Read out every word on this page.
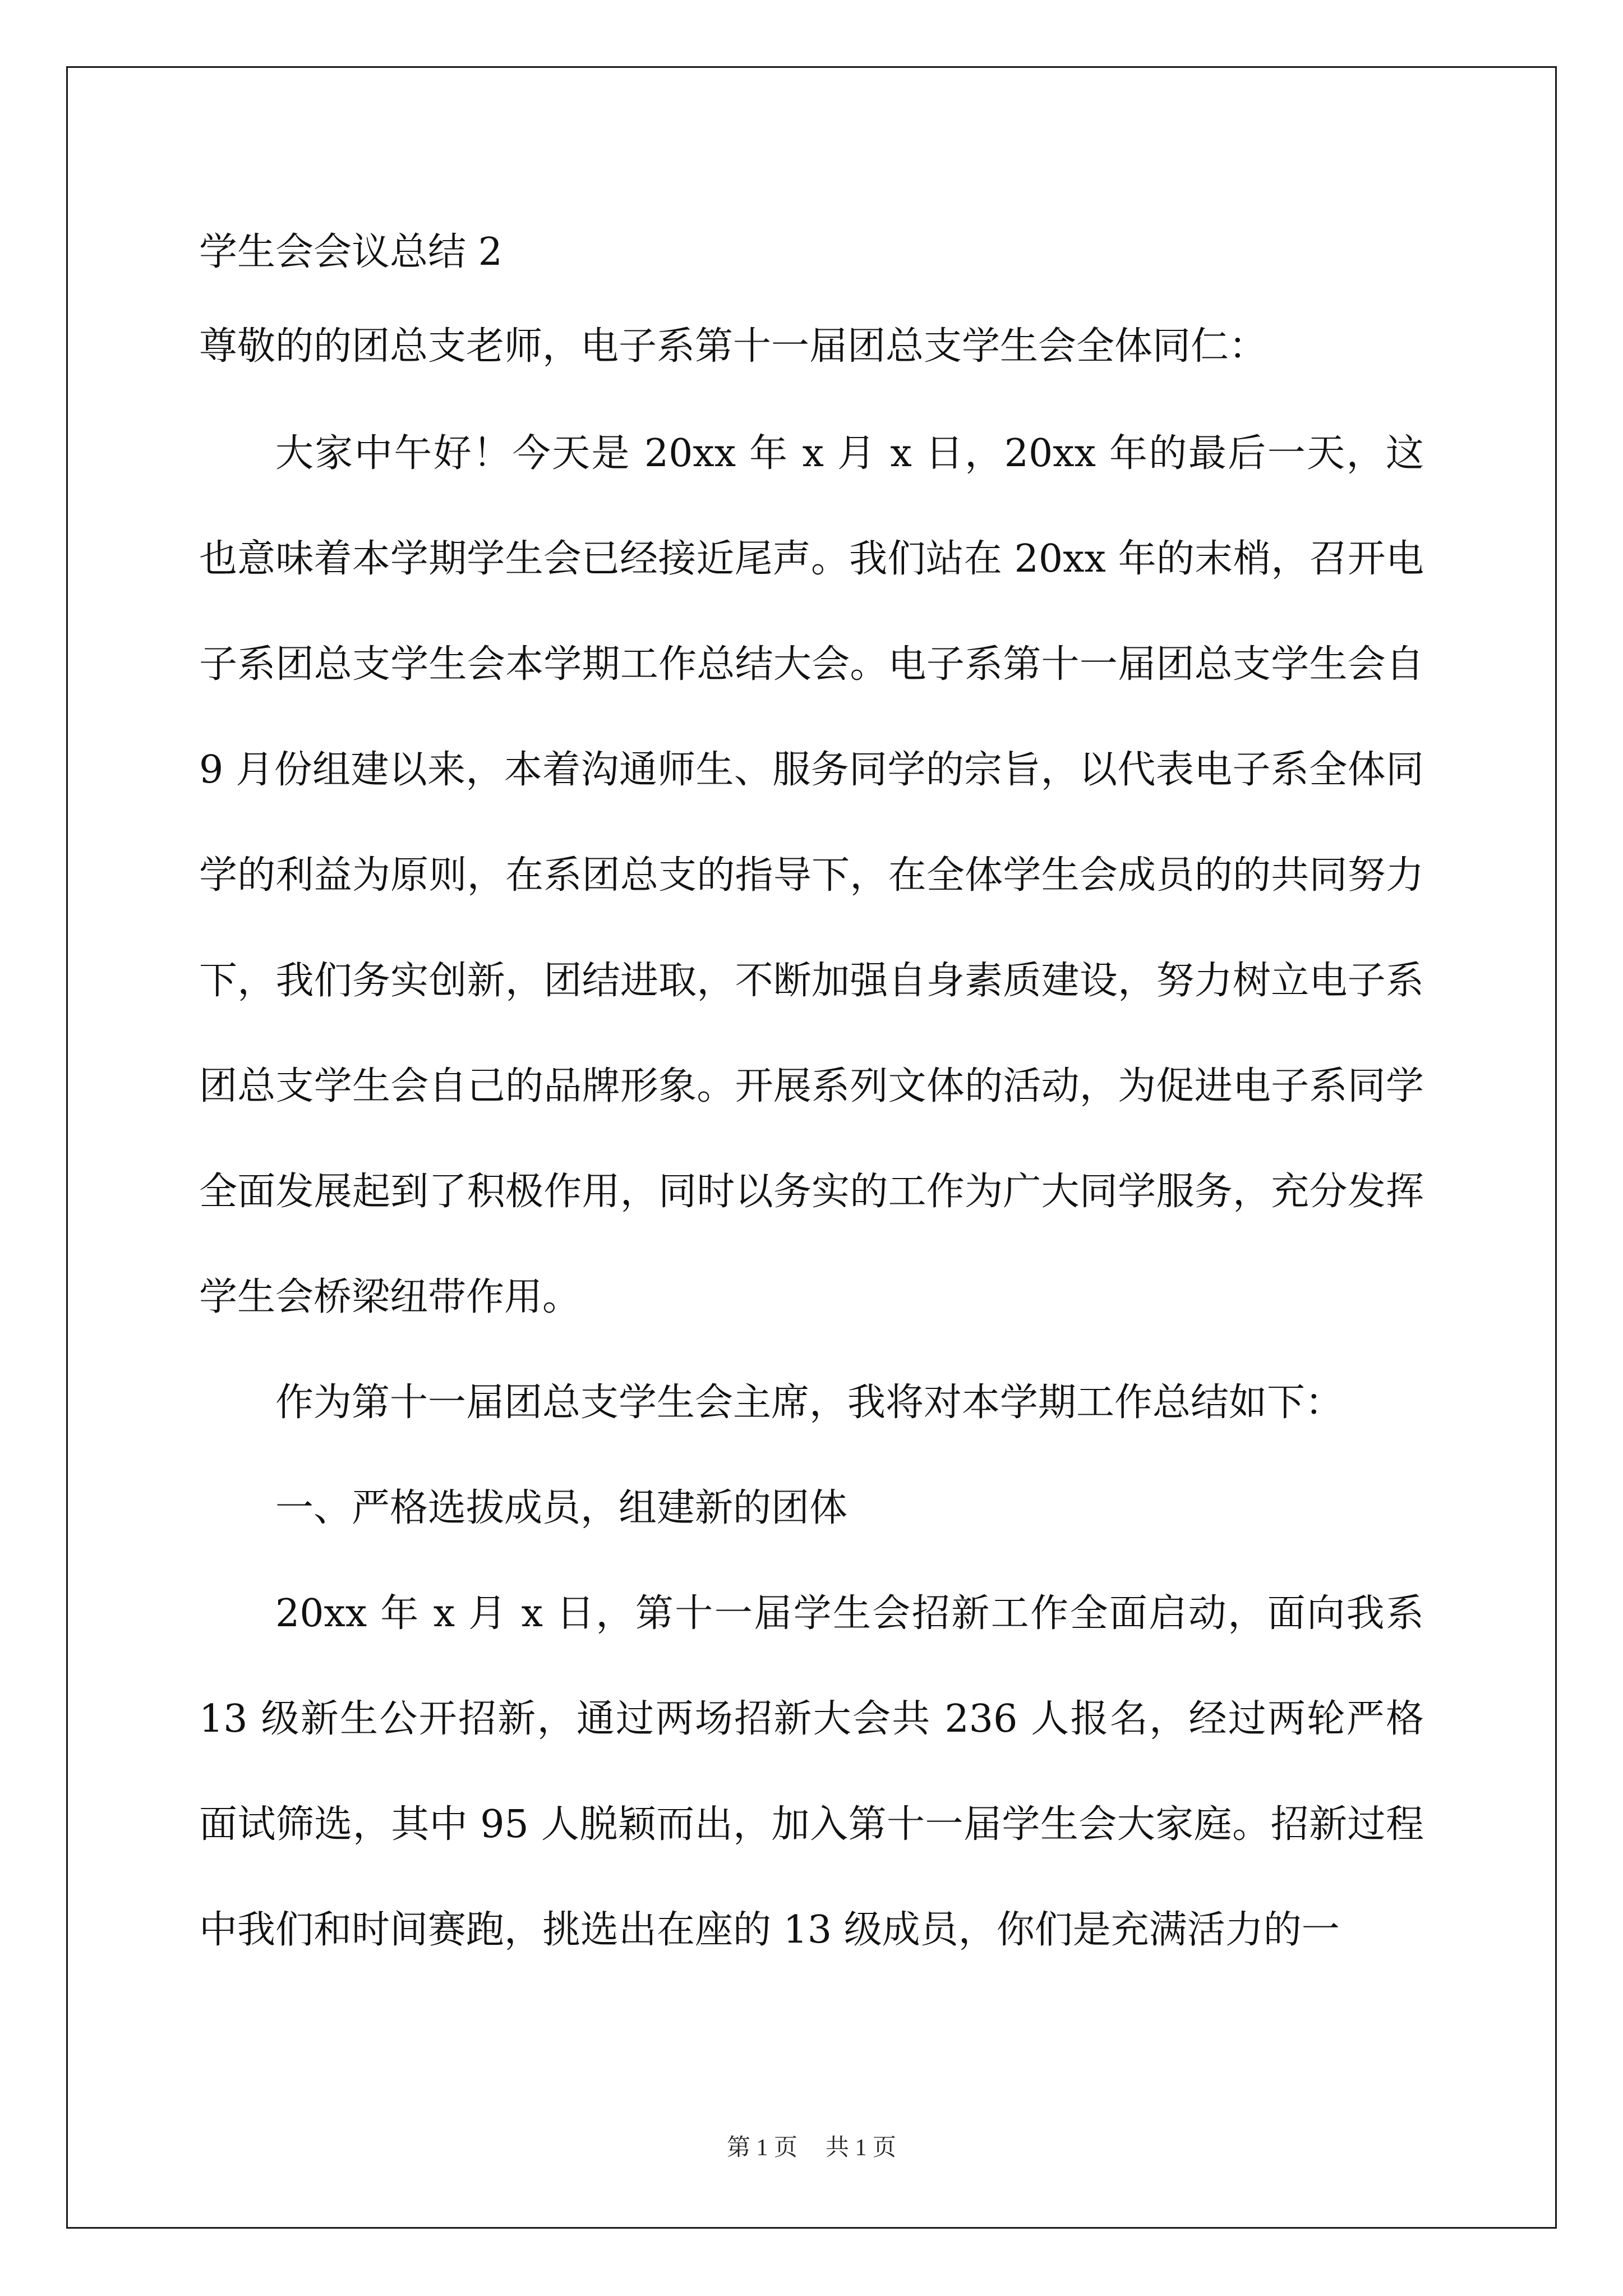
学生会会议总结 2
尊敬的的团总支老师，电子系第十一届团总支学生会全体同仁：
大家中午好！今天是 20xx 年 x 月 x 日，20xx 年的最后一天，这也意味着本学期学生会已经接近尾声。我们站在 20xx 年的末梢，召开电子系团总支学生会本学期工作总结大会。电子系第十一届团总支学生会自 9 月份组建以来，本着沟通师生、服务同学的宗旨，以代表电子系全体同学的利益为原则，在系团总支的指导下，在全体学生会成员的的共同努力下，我们务实创新，团结进取，不断加强自身素质建设，努力树立电子系团总支学生会自己的品牌形象。开展系列文体的活动，为促进电子系同学全面发展起到了积极作用，同时以务实的工作为广大同学服务，充分发挥学生会桥梁纽带作用。
作为第十一届团总支学生会主席，我将对本学期工作总结如下：
一、严格选拔成员，组建新的团体
20xx 年 x 月 x 日，第十一届学生会招新工作全面启动，面向我系 13 级新生公开招新，通过两场招新大会共 236 人报名，经过两轮严格面试筛选，其中 95 人脱颖而出，加入第十一届学生会大家庭。招新过程中我们和时间赛跑，挑选出在座的 13 级成员，你们是充满活力的一
第 1 页 共 1 页
